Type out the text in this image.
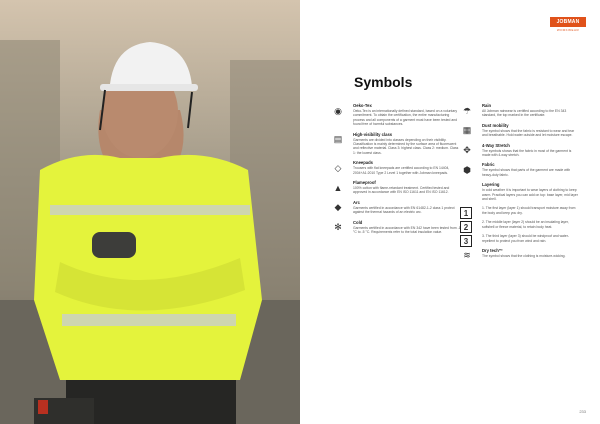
JOBMAN
WORKWEAR
Symbols
◉	Oeko-Tex
Oeko-Tex is an internationally defined standard, based on a voluntary commitment. To obtain the certification, the entire manufacturing process and all components of a garment must have been tested and found free of harmful substances.
▤	High-visibility class
Garments are divided into classes depending on their visibility. Classification is mainly determined by the surface area of fluorescent and reflective material. Class 3: highest class. Class 2: medium. Class 1: the lowest class.
◇	Kneepads
Trousers with flat kneepads are certified according to EN 14404, 2004+A1:2010 Type 2 Level 1 together with Jobman kneepads.
▲
Flameproof
100% cotton with flame-retardant treatment. Certified tested and approved in accordance with EN ISO 11611 and EN ISO 11612.
◆	Arc
Garments certified in accordance with EN 61482-1-2 class 1 protect against the thermal hazards of an electric arc.
✻	Cold
Garments certified in accordance with EN 342 have been tested from -1 °C to -5 °C. Requirements refer to the total insulation value.
☂	Rain
All Jobman rainwear is certified according to the EN 343 standard, the top marked in the certificate.
▦	Dust mobility
The symbol shows that the fabric is resistant to wear and tear and breathable. Hold water outside and let moisture escape.
✥	4-Way Stretch
The symbols shows that the fabric in most of the garment is made with 4-way stretch.
⬢	Fabric
The symbol shows that parts of the garment are made with heavy-duty fabric.
Layering
In cold weather it is important to wear layers of clothing to keep warm. Practical layers you can add on top: base layer, mid layer and shell.
1
1. The first layer (layer 1) should transport moisture away from the body and keep you dry.
2
2. The middle layer (layer 2) should be an insulating layer, softshell or fleece material, to retain body heat.
3
3. The third layer (layer 3) should be windproof and water-repellent to protect you from wind and rain.
≋	Dry tech™
The symbol shows that the clothing is moisture-wicking.
233
